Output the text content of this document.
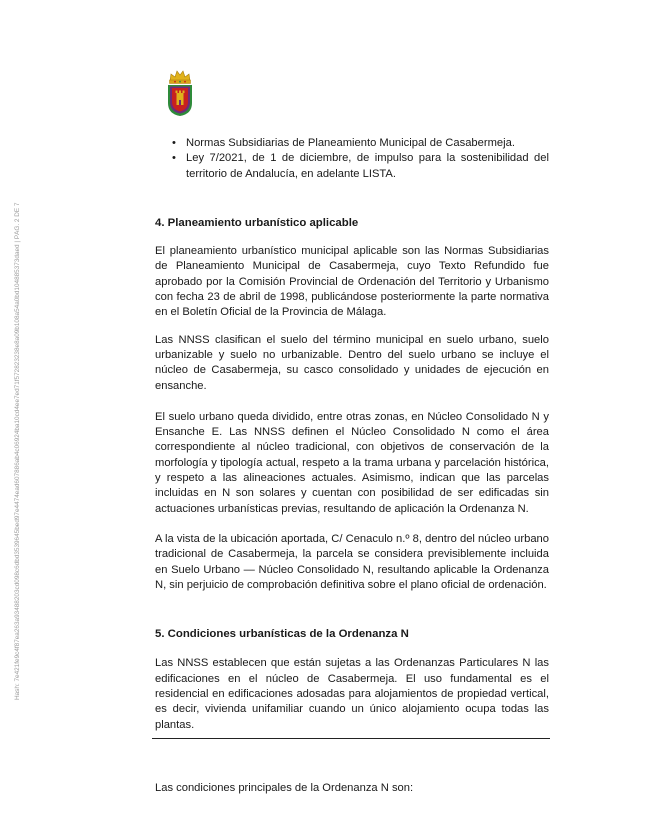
Hash: 7e421fe9c4f87ea263a93488203cd098c6dbd3539645bed97e4474ead607886ab4c06924ba10cd4ee7ed71f572823238e8a09b108a54a0bd104885373daed | PÁG. 2 DE 7
• Normas Subsidiarias de Planeamiento Municipal de Casabermeja.
• Ley 7/2021, de 1 de diciembre, de impulso para la sostenibilidad del territorio de Andalucía, en adelante LISTA.
4. Planeamiento urbanístico aplicable

El planeamiento urbanístico municipal aplicable son las Normas Subsidiarias de Planeamiento Municipal de Casabermeja, cuyo Texto Refundido fue aprobado por la Comisión Provincial de Ordenación del Territorio y Urbanismo con fecha 23 de abril de 1998, publicándose posteriormente la parte normativa en el Boletín Oficial de la Provincia de Málaga.

Las NNSS clasifican el suelo del término municipal en suelo urbano, suelo urbanizable y suelo no urbanizable. Dentro del suelo urbano se incluye el núcleo de Casabermeja, su casco consolidado y unidades de ejecución en ensanche.

El suelo urbano queda dividido, entre otras zonas, en Núcleo Consolidado N y Ensanche E. Las NNSS definen el Núcleo Consolidado N como el área correspondiente al núcleo tradicional, con objetivos de conservación de la morfología y tipología actual, respeto a la trama urbana y parcelación histórica, y respeto a las alineaciones actuales. Asimismo, indican que las parcelas incluidas en N son solares y cuentan con posibilidad de ser edificadas sin actuaciones urbanísticas previas, resultando de aplicación la Ordenanza N.

A la vista de la ubicación aportada, C/ Cenaculo n.º 8, dentro del núcleo urbano tradicional de Casabermeja, la parcela se considera previsiblemente incluida en Suelo Urbano — Núcleo Consolidado N, resultando aplicable la Ordenanza N, sin perjuicio de comprobación definitiva sobre el plano oficial de ordenación.

5. Condiciones urbanísticas de la Ordenanza N

Las NNSS establecen que están sujetas a las Ordenanzas Particulares N las edificaciones en el núcleo de Casabermeja. El uso fundamental es el residencial en edificaciones adosadas para alojamientos de propiedad vertical, es decir, vivienda unifamiliar cuando un único alojamiento ocupa todas las plantas.

Las condiciones principales de la Ordenanza N son:
